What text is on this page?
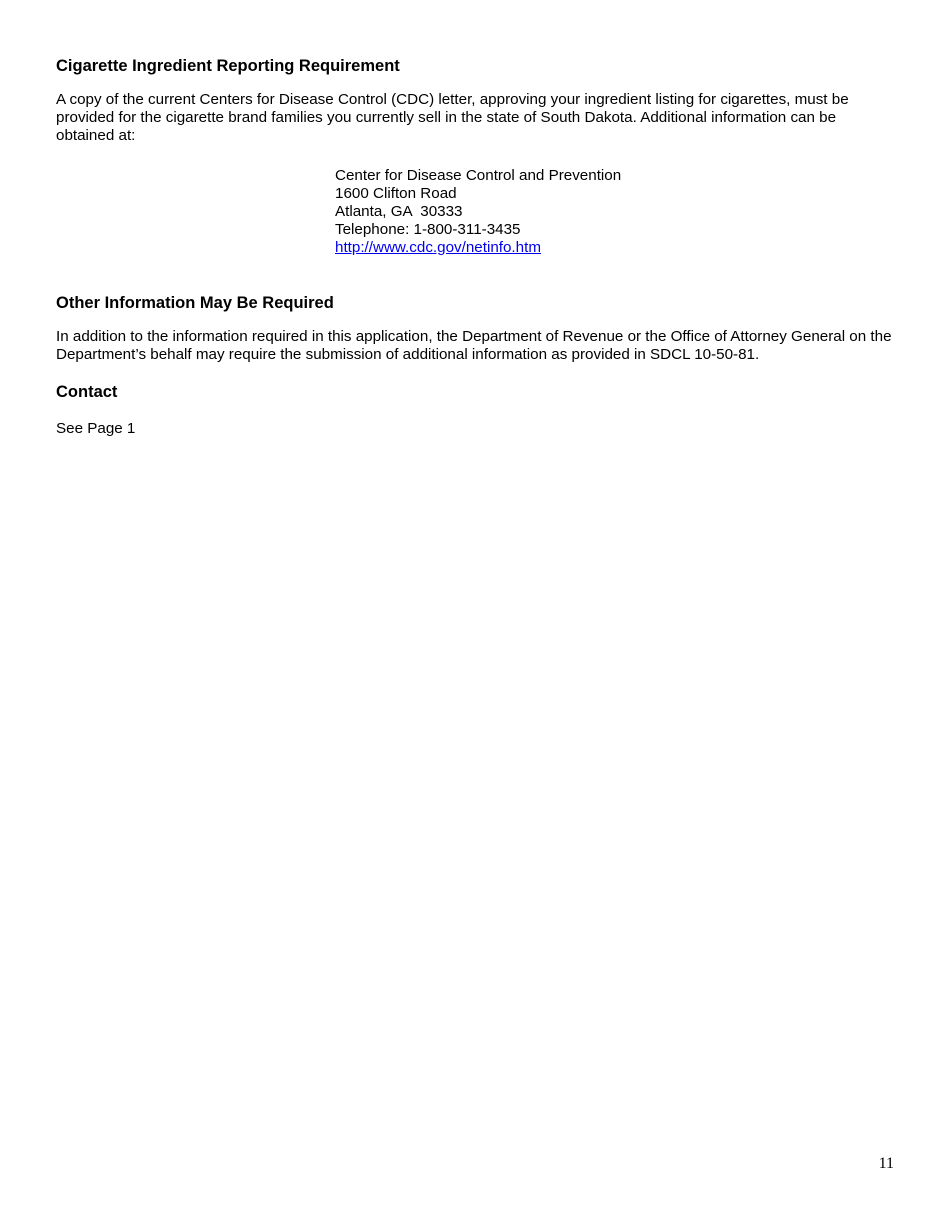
Cigarette Ingredient Reporting Requirement

A copy of the current Centers for Disease Control (CDC) letter, approving your ingredient listing for cigarettes, must be provided for the cigarette brand families you currently sell in the state of South Dakota. Additional information can be obtained at:

Center for Disease Control and Prevention
1600 Clifton Road
Atlanta, GA  30333
Telephone: 1-800-311-3435
http://www.cdc.gov/netinfo.htm
Other Information May Be Required

In addition to the information required in this application, the Department of Revenue or the Office of Attorney General on the Department’s behalf may require the submission of additional information as provided in SDCL 10-50-81.

Contact

See Page 1

11
